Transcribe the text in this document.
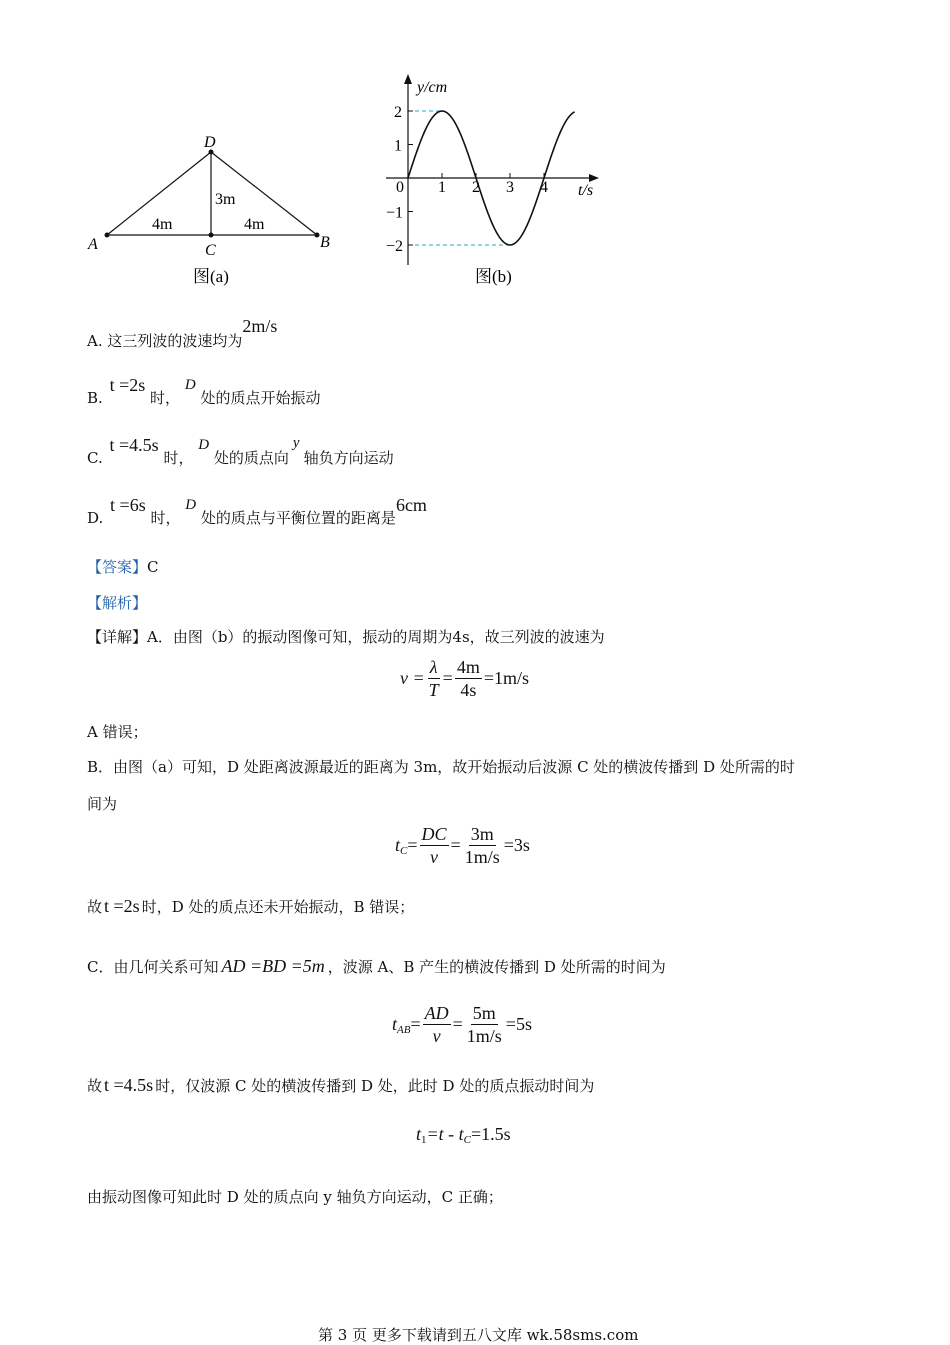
D
A	B
C
3m
4m	4m
图(a)
y/cm
t/s
2
1
−1
−2
0 1 2 3 4
图(b)
A. 这三列波的波速均为2m/s
B. t =2s 时， D 处的质点开始振动
C. t =4.5s 时， D 处的质点向y轴负方向运动
D. t =6s 时， D 处的质点与平衡位置的距离是6cm
【答案】C
【解析】
【详解】A．由图（b）的振动图像可知，振动的周期为4s，故三列波的波速为
$v = \frac{\lambda}{T} = \frac{4m}{4s} =1m/s$
A 错误；
B．由图（a）可知，D 处距离波源最近的距离为 3m，故开始振动后波源 C 处的横波传播到 D 处所需的时
间为
t $C = \frac{DC}{v} = \frac{3m}{1m/s} =3s$
故 t =2s 时，D 处的质点还未开始振动，B 错误；
C．由几何关系可知 AD =BD =5m ，波源 A、B 产生的横波传播到 D 处所需的时间为
t AB = $\frac{AD}{v} = \frac{5m}{1m/s} =5s$
故 t =4.5s 时，仅波源 C 处的横波传播到 D 处，此时 D 处的质点振动时间为
t 1 =t - t C =1.5s
由振动图像可知此时 D 处的质点向 y 轴负方向运动，C 正确；
第 3 页 更多下载请到五八文库 wk.58sms.com
